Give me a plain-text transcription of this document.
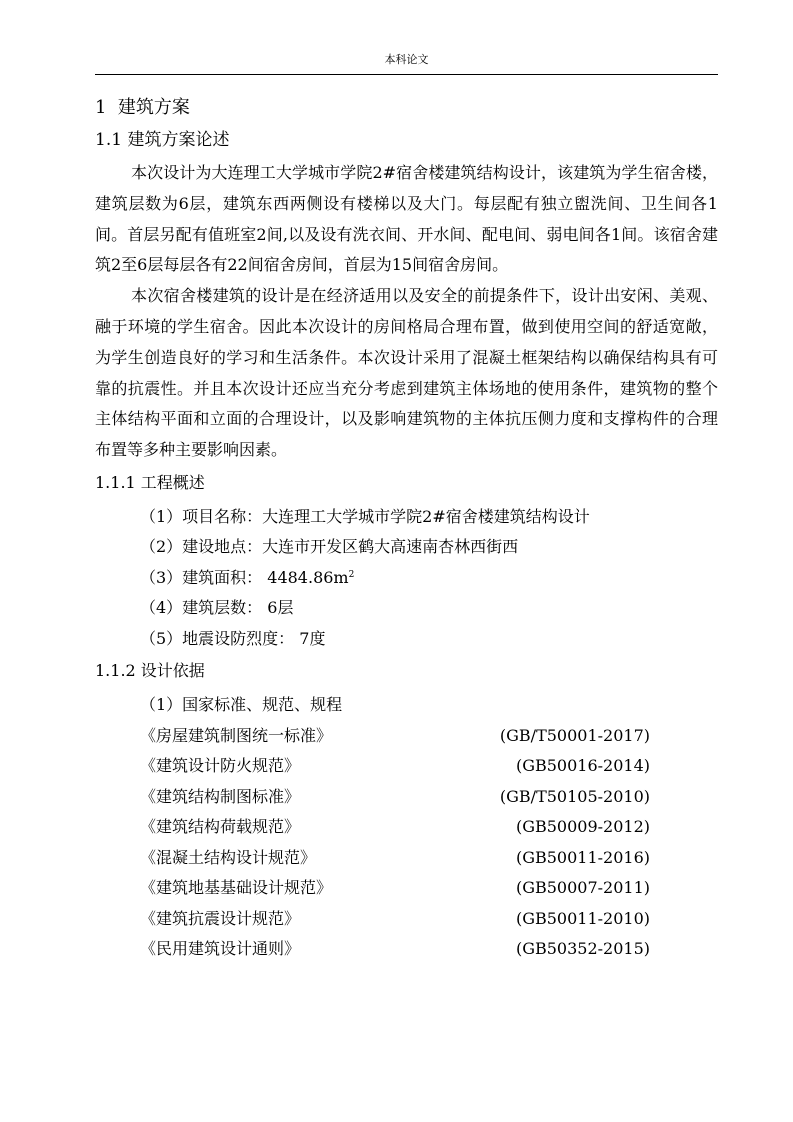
本科论文
1 建筑方案
1.1 建筑方案论述

本次设计为大连理工大学城市学院2#宿舍楼建筑结构设计，该建筑为学生宿舍楼，建筑层数为6层，建筑东西两侧设有楼梯以及大门。每层配有独立盥洗间、卫生间各1间。首层另配有值班室2间,以及设有洗衣间、开水间、配电间、弱电间各1间。该宿舍建筑2至6层每层各有22间宿舍房间，首层为15间宿舍房间。

本次宿舍楼建筑的设计是在经济适用以及安全的前提条件下，设计出安闲、美观、融于环境的学生宿舍。因此本次设计的房间格局合理布置，做到使用空间的舒适宽敞，为学生创造良好的学习和生活条件。本次设计采用了混凝土框架结构以确保结构具有可靠的抗震性。并且本次设计还应当充分考虑到建筑主体场地的使用条件，建筑物的整个主体结构平面和立面的合理设计，以及影响建筑物的主体抗压侧力度和支撑构件的合理布置等多种主要影响因素。

1.1.1 工程概述
（1）项目名称：大连理工大学城市学院2#宿舍楼建筑结构设计
（2）建设地点：大连市开发区鹤大高速南杏林西街西
（3）建筑面积： $4484.86m^2$
（4）建筑层数： 6层
（5）地震设防烈度： 7度
1.1.2 设计依据
（1）国家标准、规范、规程
《房屋建筑制图统一标准》	(GB/T50001-2017)
《建筑设计防火规范》	(GB50016-2014)
《建筑结构制图标准》	(GB/T50105-2010)
《建筑结构荷载规范》	(GB50009-2012)
《混凝土结构设计规范》	(GB50011-2016)
《建筑地基基础设计规范》	(GB50007-2011)
《建筑抗震设计规范》	(GB50011-2010)
《民用建筑设计通则》	(GB50352-2015)
